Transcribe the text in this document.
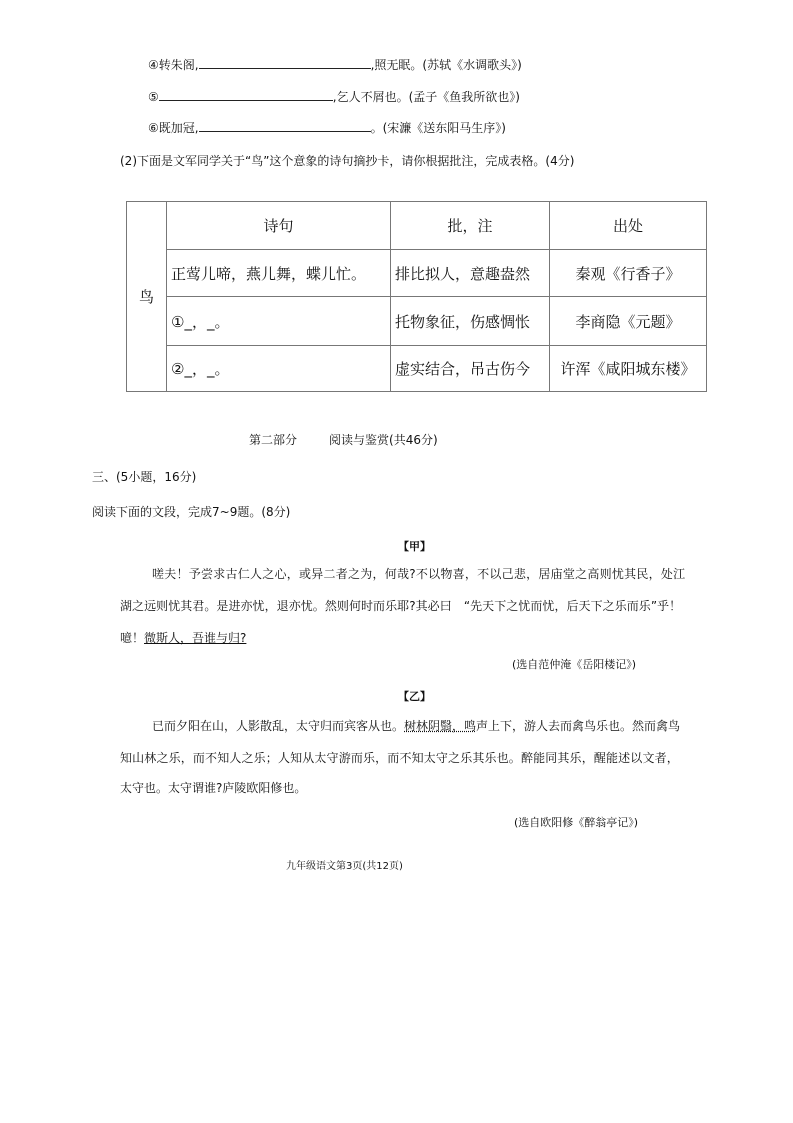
④转朱阁,	,照无眠。(苏轼《水调歌头》)
⑤	,乞人不屑也。(孟子《鱼我所欲也》)
⑥既加冠,	。(宋濂《送东阳马生序》)
(2)下面是文军同学关于“鸟”这个意象的诗句摘抄卡，请你根据批注，完成表格。(4分)
鸟	诗句	批，注	出处
	正莺儿啼，燕儿舞，蝶儿忙。	排比拟人，意趣盎然	秦观《行香子》
	①_，_。	托物象征，伤感惆怅	李商隐《元题》
	②_，_。	虚实结合，吊古伤今	许浑《咸阳城东楼》
第二部分	阅读与鉴赏(共46分)
三、(5小题，16分)
阅读下面的文段，完成7~9题。(8分)
【甲】
嗟夫！予尝求古仁人之心，或异二者之为，何哉?不以物喜，不以己悲，居庙堂之高则忧其民，处江
湖之远则忧其君。是进亦忧，退亦忧。然则何时而乐耶?其必曰　“先天下之忧而忧，后天下之乐而乐”乎！
噫！微斯人，吾谁与归?
(选自范仲淹《岳阳楼记》)
【乙】
已而夕阳在山，人影散乱，太守归而宾客从也。树林阴翳，鸣声上下，游人去而禽鸟乐也。然而禽鸟
知山林之乐，而不知人之乐；人知从太守游而乐，而不知太守之乐其乐也。醉能同其乐，醒能述以文者，
太守也。太守谓谁?庐陵欧阳修也。
(选自欧阳修《醉翁亭记》)
九年级语文第3页(共12页)
